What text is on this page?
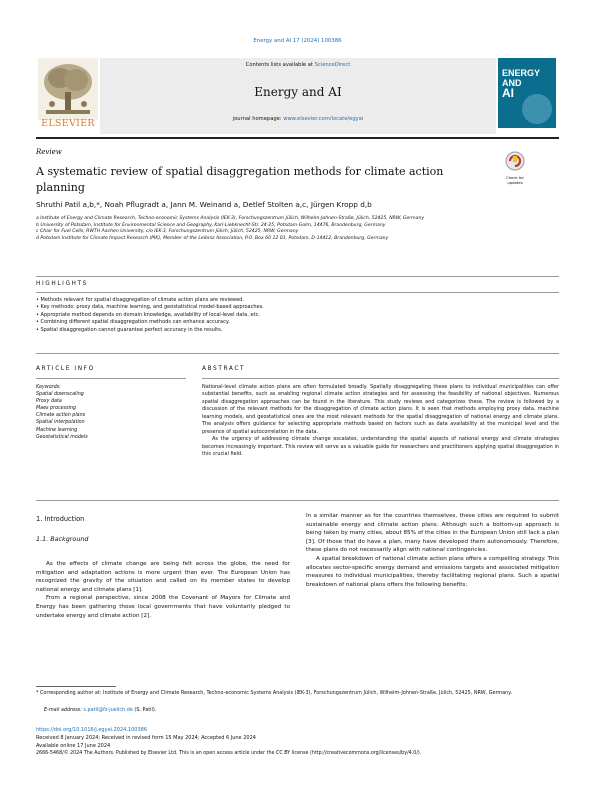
Energy and AI 17 (2024) 100386
Contents lists available at ScienceDirect
Energy and AI
journal homepage: www.elsevier.com/locate/egyai
ELSEVIER
ENERGY
AND
AI
Review
A systematic review of spatial disaggregation methods for climate action
planning
Check for updates
Shruthi Patil a,b,*, Noah Pflugradt a, Jann M. Weinand a, Detlef Stolten a,c, Jürgen Kropp d,b
a Institute of Energy and Climate Research, Techno-economic Systems Analysis (IEK-3), Forschungszentrum Jülich, Wilhelm-Johnen-Straße, Jülich, 52425, NRW, Germany
b University of Potsdam, Institute for Environmental Science and Geography, Karl-Liebknecht-Str. 24-25, Potsdam-Golm, 14476, Brandenburg, Germany
c Chair for Fuel Cells, RWTH Aachen University, c/o IEK-3, Forschungszentrum Jülich, Jülich, 52425, NRW, Germany
d Potsdam Institute for Climate Impact Research (PIK), Member of the Leibniz Association, P.O. Box 60 12 03, Potsdam, D-14412, Brandenburg, Germany
HIGHLIGHTS
• Methods relevant for spatial disaggregation of climate action plans are reviewed.
• Key methods: proxy data, machine learning, and geostatistical model-based approaches.
• Appropriate method depends on domain knowledge, availability of local-level data, etc.
• Combining different spatial disaggregation methods can enhance accuracy.
• Spatial disaggregation cannot guarantee perfect accuracy in the results.
ARTICLE INFO
Keywords:
Spatial downscaling
Proxy data
Maes processing
Climate action plans
Spatial interpolation
Machine learning
Geostatistical models
ABSTRACT
National-level climate action plans are often formulated broadly. Spatially disaggregating these plans to individual municipalities can offer substantial benefits, such as enabling regional climate action strategies and for assessing the feasibility of national objectives. Numerous spatial disaggregation approaches can be found in the literature. This study reviews and categorizes these. The review is followed by a discussion of the relevant methods for the disaggregation of climate action plans. It is seen that methods employing proxy data, machine learning models, and geostatistical ones are the most relevant methods for the spatial disaggregation of national energy and climate plans. The analysis offers guidance for selecting appropriate methods based on factors such as data availability at the municipal level and the presence of spatial autocorrelation in the data.
As the urgency of addressing climate change escalates, understanding the spatial aspects of national energy and climate strategies becomes increasingly important. This review will serve as a valuable guide for researchers and practitioners applying spatial disaggregation in this crucial field.
1. Introduction
1.1. Background
As the effects of climate change are being felt across the globe, the need for mitigation and adaptation actions is more urgent than ever. The European Union has recognized the gravity of the situation and called on its member states to develop national energy and climate plans [1].
From a regional perspective, since 2008 the Covenant of Mayors for Climate and Energy has been gathering those local governments that have voluntarily pledged to undertake energy and climate action [2].
In a similar manner as for the countries themselves, these cities are required to submit sustainable energy and climate action plans. Although such a bottom-up approach is being taken by many cities, about 85% of the cities in the European Union still lack a plan [3]. Of those that do have a plan, many have developed them autonomously. Therefore, these plans do not necessarily align with national contingencies.
A spatial breakdown of national climate action plans offers a compelling strategy. This allocates sector-specific energy demand and emissions targets and associated mitigation measures to individual municipalities, thereby facilitating regional plans. Such a spatial breakdown of national plans offers the following benefits:
* Corresponding author at: Institute of Energy and Climate Research, Techno-economic Systems Analysis (IEK-3), Forschungszentrum Jülich, Wilhelm-Johnen-Straße, Jülich, 52425, NRW, Germany.
E-mail address: s.patil@fz-juelich.de (S. Patil).
https://doi.org/10.1016/j.egyai.2024.100386
Received 8 January 2024; Received in revised form 15 May 2024; Accepted 6 June 2024
Available online 17 June 2024
2666-5468/© 2024 The Authors. Published by Elsevier Ltd. This is an open access article under the CC BY license (http://creativecommons.org/licenses/by/4.0/).
